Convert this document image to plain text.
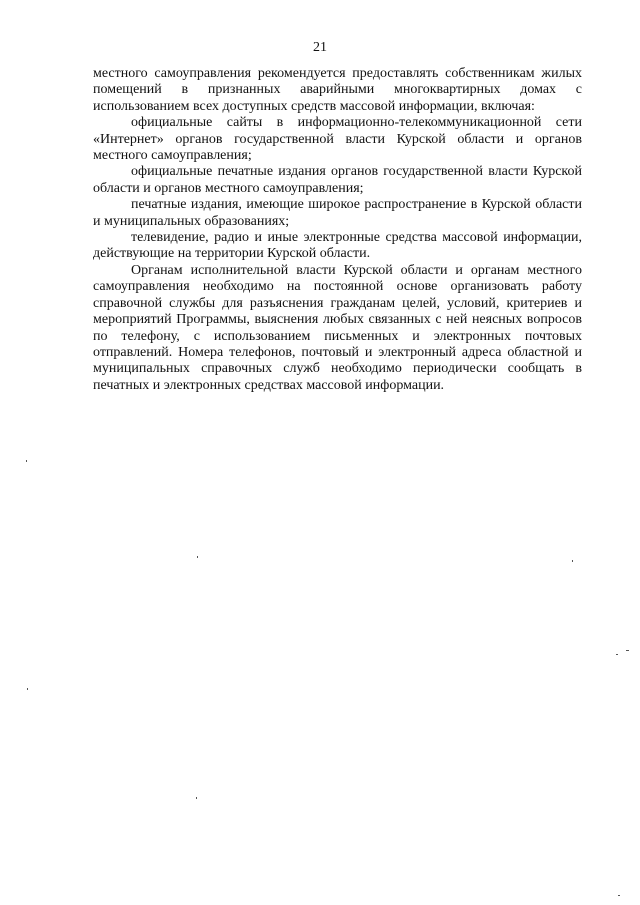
21

местного самоуправления рекомендуется предоставлять собственникам жилых помещений в признанных аварийными многоквартирных домах с использованием всех доступных средств массовой информации, включая:

официальные сайты в информационно-телекоммуникационной сети «Интернет» органов государственной власти Курской области и органов местного самоуправления;

официальные печатные издания органов государственной власти Курской области и органов местного самоуправления;

печатные издания, имеющие широкое распространение в Курской области и муниципальных образованиях;

телевидение, радио и иные электронные средства массовой информации, действующие на территории Курской области.

Органам исполнительной власти Курской области и органам местного самоуправления необходимо на постоянной основе организовать работу справочной службы для разъяснения гражданам целей, условий, критериев и мероприятий Программы, выяснения любых связанных с ней неясных вопросов по телефону, с использованием письменных и электронных почтовых отправлений. Номера телефонов, почтовый и электронный адреса областной и муниципальных справочных служб необходимо периодически сообщать в печатных и электронных средствах массовой информации.
